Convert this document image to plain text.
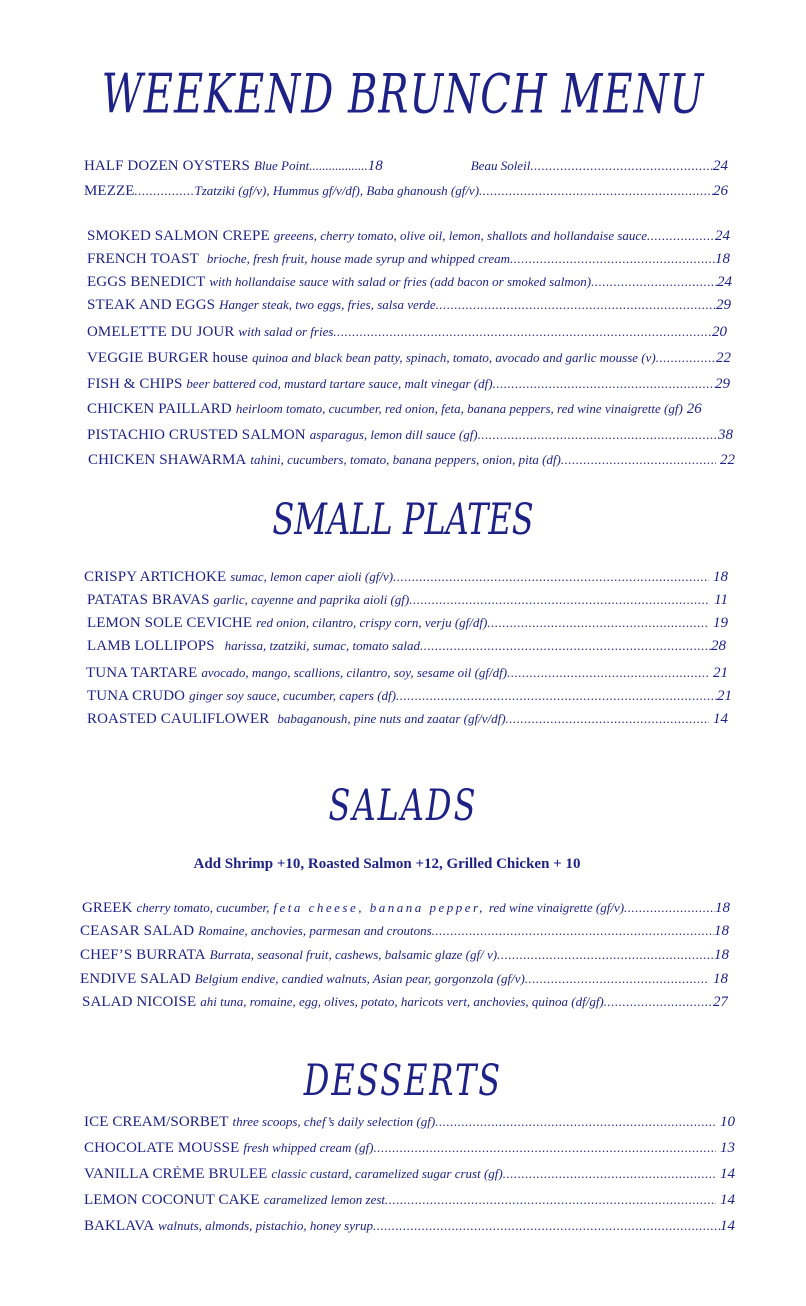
WEEKEND BRUNCH MENU
HALF DOZEN OYSTERS Blue Point .................. 18	Beau Soleil .....	24
MEZZE .....	Tzatziki (gf/v), Hummus gf/v/df), Baba ghanoush (gf/v) .....	26
SMOKED SALMON CREPE greeens, cherry tomato, olive oil, lemon, shallots and hollandaise sauce .....	24
FRENCH TOAST brioche, fresh fruit, house made syrup and whipped cream .....	18
EGGS BENEDICT with hollandaise sauce with salad or fries (add bacon or smoked salmon) .....	24
STEAK AND EGGS Hanger steak, two eggs, fries, salsa verde .....	29
OMELETTE DU JOUR with salad or fries .....	20
VEGGIE BURGER house quinoa and black bean patty, spinach, tomato, avocado and garlic mousse (v) .....	22
FISH & CHIPS beer battered cod, mustard tartare sauce, malt vinegar (df) .....	29
CHICKEN PAILLARD heirloom tomato, cucumber, red onion, feta, banana peppers, red wine vinaigrette (gf) 26
PISTACHIO CRUSTED SALMON asparagus, lemon dill sauce (gf) .....	38
CHICKEN SHAWARMA tahini, cucumbers, tomato, banana peppers, onion, pita (df) .....	22
SMALL PLATES
CRISPY ARTICHOKE sumac, lemon caper aioli (gf/v) .....	18
PATATAS BRAVAS garlic, cayenne and paprika aioli (gf) .....	11
LEMON SOLE CEVICHE red onion, cilantro, crispy corn, verju (gf/df) .....	19
LAMB LOLLIPOPS harissa, tzatziki, sumac, tomato salad .....	28
TUNA TARTARE avocado, mango, scallions, cilantro, soy, sesame oil (gf/df) .....	21
TUNA CRUDO ginger soy sauce, cucumber, capers (df) .....	21
ROASTED CAULIFLOWER babaganoush, pine nuts and zaatar (gf/v/df) .....	14
SALADS
Add Shrimp +10, Roasted Salmon +12, Grilled Chicken + 10
GREEK cherry tomato, cucumber, feta cheese, banana pepper, red wine vinaigrette (gf/v) .....	18
CEASAR SALAD Romaine, anchovies, parmesan and croutons .....	18
CHEF’S BURRATA Burrata, seasonal fruit, cashews, balsamic glaze (gf/ v) .....	18
ENDIVE SALAD Belgium endive, candied walnuts, Asian pear, gorgonzola (gf/v) .....	18
SALAD NICOISE ahi tuna, romaine, egg, olives, potato, haricots vert, anchovies, quinoa (df/gf) .....	27
DESSERTS
ICE CREAM/SORBET three scoops, chef’s daily selection (gf) .....	10
CHOCOLATE MOUSSE fresh whipped cream (gf) .....	13
VANILLA CRÈME BRULEE classic custard, caramelized sugar crust (gf) .....	14
LEMON COCONUT CAKE caramelized lemon zest .....	14
BAKLAVA walnuts, almonds, pistachio, honey syrup .....	14
